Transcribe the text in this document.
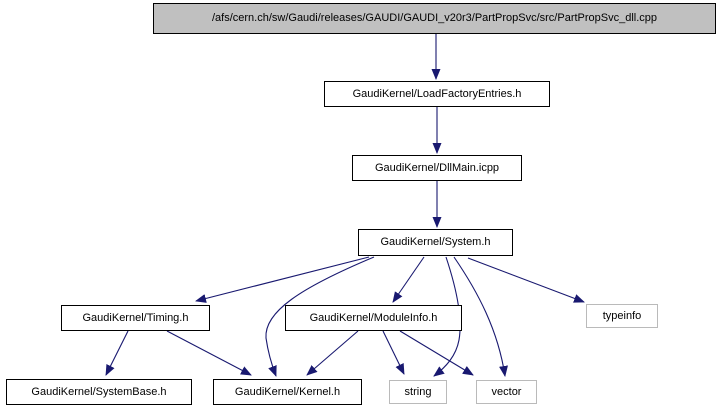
/afs/cern.ch/sw/Gaudi/releases/GAUDI/GAUDI_v20r3/PartPropSvc/src/PartPropSvc_dll.cpp
GaudiKernel/LoadFactoryEntries.h
GaudiKernel/DllMain.icpp
GaudiKernel/System.h
GaudiKernel/Timing.h	GaudiKernel/ModuleInfo.h	typeinfo
GaudiKernel/SystemBase.h	GaudiKernel/Kernel.h	string	vector
